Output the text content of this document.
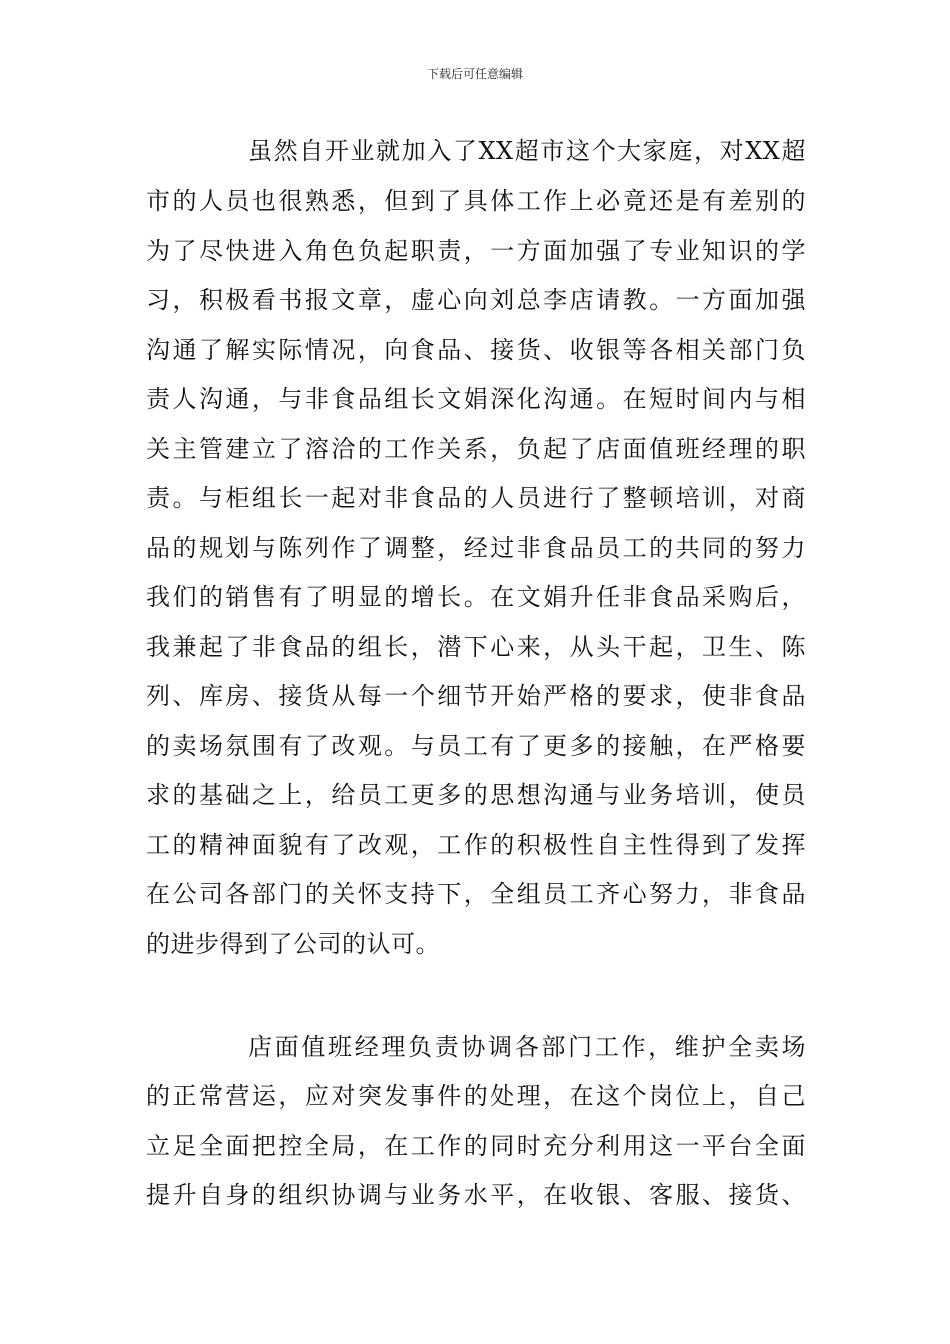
下载后可任意编辑
虽然自开业就加入了XX超市这个大家庭，对XX超
市的人员也很熟悉，但到了具体工作上必竟还是有差别的
为了尽快进入角色负起职责，一方面加强了专业知识的学
习，积极看书报文章，虚心向刘总李店请教。一方面加强
沟通了解实际情况，向食品、接货、收银等各相关部门负
责人沟通，与非食品组长文娟深化沟通。在短时间内与相
关主管建立了溶洽的工作关系，负起了店面值班经理的职
责。与柜组长一起对非食品的人员进行了整顿培训，对商
品的规划与陈列作了调整，经过非食品员工的共同的努力
我们的销售有了明显的增长。在文娟升任非食品采购后，
我兼起了非食品的组长，潜下心来，从头干起，卫生、陈
列、库房、接货从每一个细节开始严格的要求，使非食品
的卖场氛围有了改观。与员工有了更多的接触，在严格要
求的基础之上，给员工更多的思想沟通与业务培训，使员
工的精神面貌有了改观，工作的积极性自主性得到了发挥
在公司各部门的关怀支持下，全组员工齐心努力，非食品
的进步得到了公司的认可。
店面值班经理负责协调各部门工作，维护全卖场
的正常营运，应对突发事件的处理，在这个岗位上，自己
立足全面把控全局，在工作的同时充分利用这一平台全面
提升自身的组织协调与业务水平，在收银、客服、接货、
